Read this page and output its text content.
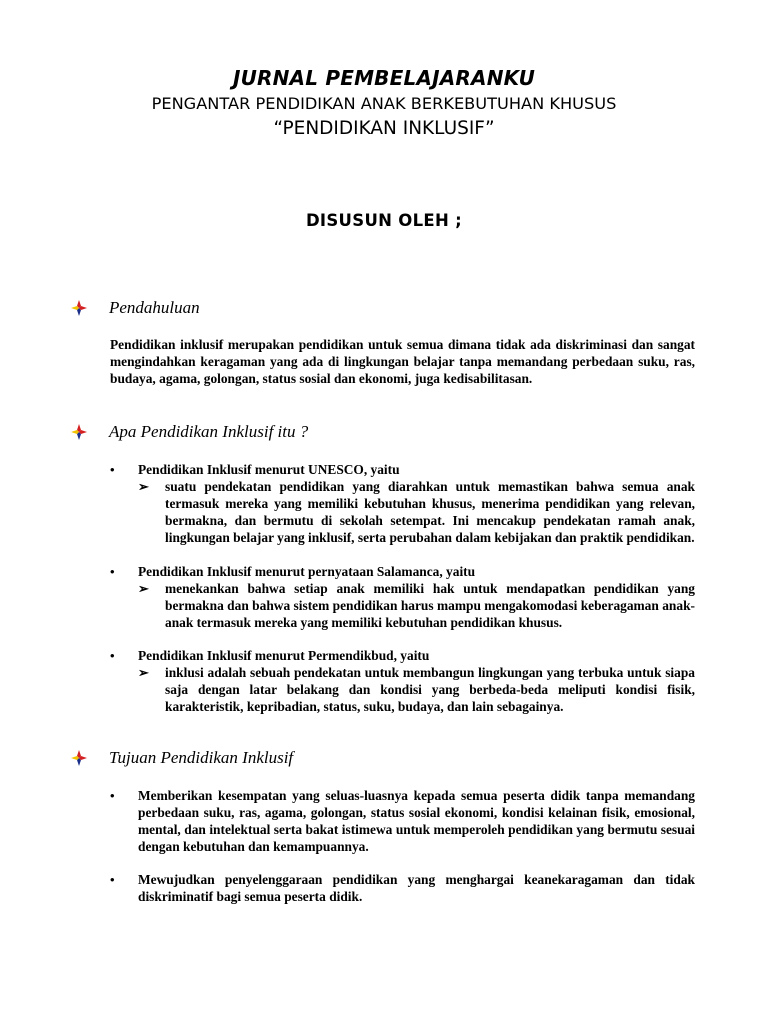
JURNAL PEMBELAJARANKU
PENGANTAR PENDIDIKAN ANAK BERKEBUTUHAN KHUSUS
“PENDIDIKAN INKLUSIF”
DISUSUN OLEH ;
Pendahuluan
Pendidikan inklusif merupakan pendidikan untuk semua dimana tidak ada diskriminasi dan sangat mengindahkan keragaman yang ada di lingkungan belajar tanpa memandang perbedaan suku, ras, budaya, agama, golongan, status sosial dan ekonomi, juga kedisabilitasan.
Apa Pendidikan Inklusif itu ?
•	Pendidikan Inklusif menurut UNESCO, yaitu
➢ suatu pendekatan pendidikan yang diarahkan untuk memastikan bahwa semua anak termasuk mereka yang memiliki kebutuhan khusus, menerima pendidikan yang relevan, bermakna, dan bermutu di sekolah setempat. Ini mencakup pendekatan ramah anak, lingkungan belajar yang inklusif, serta perubahan dalam kebijakan dan praktik pendidikan.
•	Pendidikan Inklusif menurut pernyataan Salamanca, yaitu
➢ menekankan bahwa setiap anak memiliki hak untuk mendapatkan pendidikan yang bermakna dan bahwa sistem pendidikan harus mampu mengakomodasi keberagaman anak-anak termasuk mereka yang memiliki kebutuhan pendidikan khusus.
•	Pendidikan Inklusif menurut Permendikbud, yaitu
➢ inklusi adalah sebuah pendekatan untuk membangun lingkungan yang terbuka untuk siapa saja dengan latar belakang dan kondisi yang berbeda-beda meliputi kondisi fisik, karakteristik, kepribadian, status, suku, budaya, dan lain sebagainya.
Tujuan Pendidikan Inklusif
•	Memberikan kesempatan yang seluas-luasnya kepada semua peserta didik tanpa memandang perbedaan suku, ras, agama, golongan, status sosial ekonomi, kondisi kelainan fisik, emosional, mental, dan intelektual serta bakat istimewa untuk memperoleh pendidikan yang bermutu sesuai dengan kebutuhan dan kemampuannya.
•	Mewujudkan penyelenggaraan pendidikan yang menghargai keanekaragaman dan tidak diskriminatif bagi semua peserta didik.
